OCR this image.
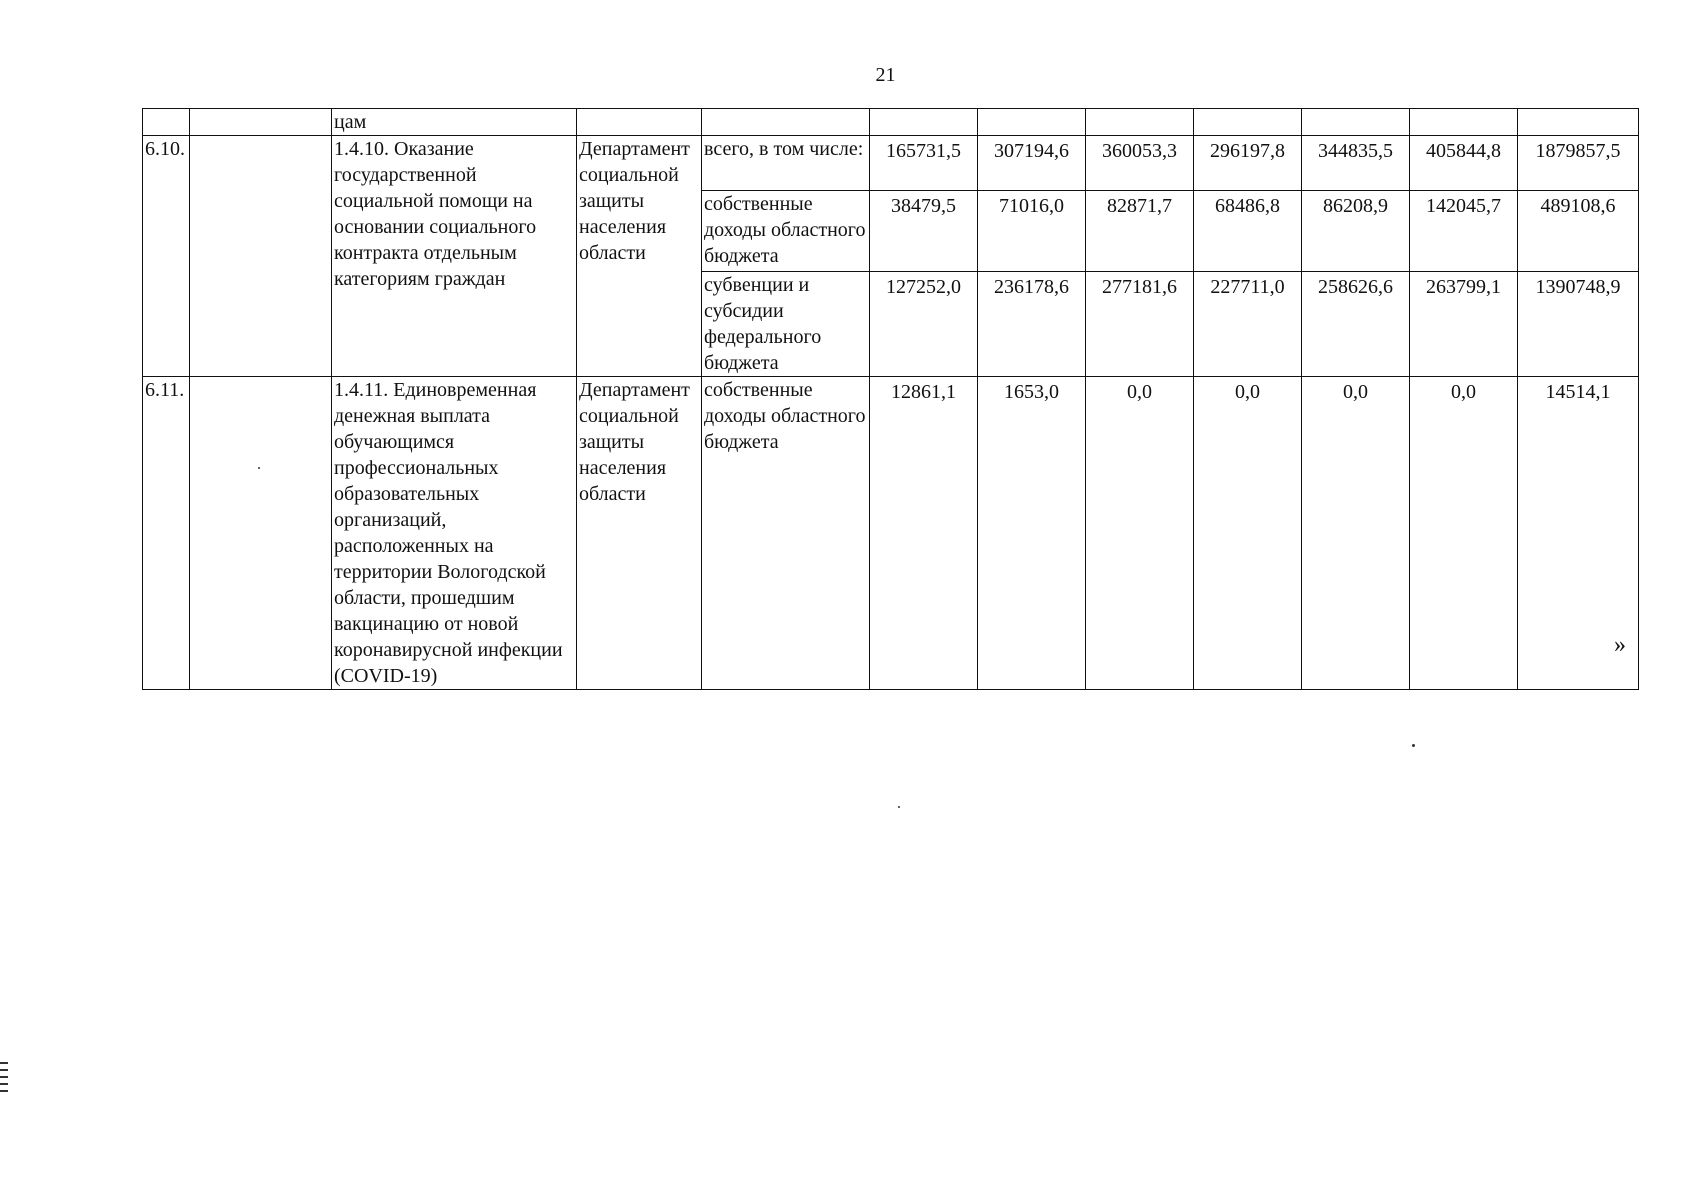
21
		цам									
6.10.		1.4.10. Оказание государственной социальной помощи на основании социального контракта отдельным категориям граждан	Департамент социальной защиты населения области	всего, в том числе:	165731,5	307194,6	360053,3	296197,8	344835,5	405844,8	1879857,5
				собственные доходы областного бюджета	38479,5	71016,0	82871,7	68486,8	86208,9	142045,7	489108,6
				субвенции и субсидии федерального бюджета	127252,0	236178,6	277181,6	227711,0	258626,6	263799,1	1390748,9
6.11.		1.4.11. Единовременная денежная выплата обучающимся профессиональных образовательных организаций, расположенных на территории Вологодской области, прошедшим вакцинацию от новой коронавирусной инфекции (COVID-19)	Департамент социальной защиты населения области	собственные доходы областного бюджета	12861,1	1653,0	0,0	0,0	0,0	0,0	14514,1
»
